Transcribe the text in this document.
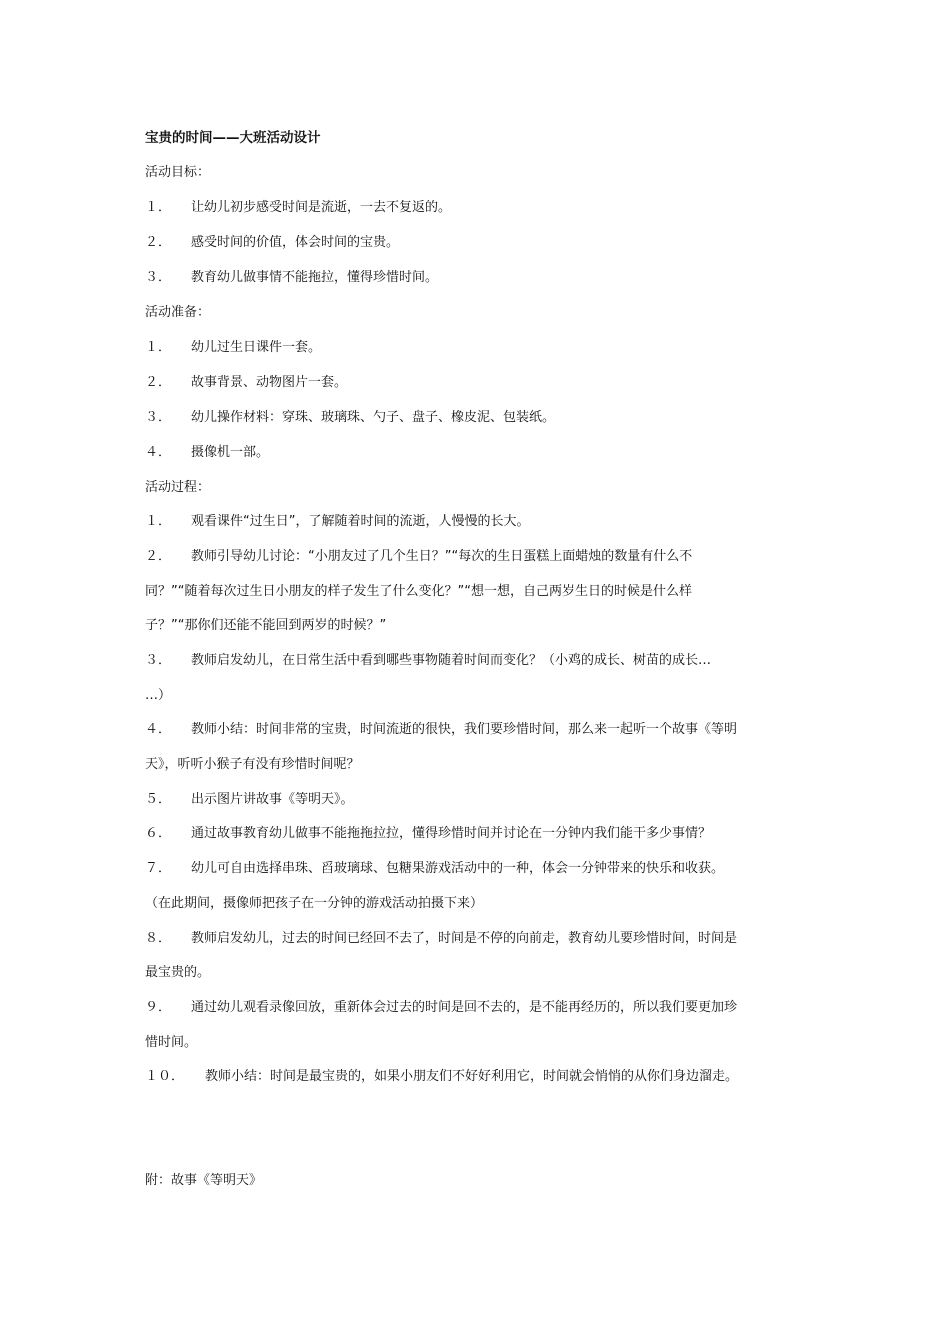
宝贵的时间——大班活动设计
活动目标：
１． 让幼儿初步感受时间是流逝，一去不复返的。
２． 感受时间的价值，体会时间的宝贵。
３． 教育幼儿做事情不能拖拉，懂得珍惜时间。
活动准备：
１． 幼儿过生日课件一套。
２． 故事背景、动物图片一套。
３． 幼儿操作材料：穿珠、玻璃珠、勺子、盘子、橡皮泥、包装纸。
４． 摄像机一部。
活动过程：
１． 观看课件“过生日”，了解随着时间的流逝，人慢慢的长大。
２． 教师引导幼儿讨论：“小朋友过了几个生日？”“每次的生日蛋糕上面蜡烛的数量有什么不
同？”“随着每次过生日小朋友的样子发生了什么变化？”“想一想，自己两岁生日的时候是什么样
子？”“那你们还能不能回到两岁的时候？”
３． 教师启发幼儿，在日常生活中看到哪些事物随着时间而变化？（小鸡的成长、树苗的成长…
…）
４． 教师小结：时间非常的宝贵，时间流逝的很快，我们要珍惜时间，那么来一起听一个故事《等明
天》，听听小猴子有没有珍惜时间呢？
５． 出示图片讲故事《等明天》。
６． 通过故事教育幼儿做事不能拖拖拉拉，懂得珍惜时间并讨论在一分钟内我们能干多少事情？
７． 幼儿可自由选择串珠、舀玻璃球、包糖果游戏活动中的一种，体会一分钟带来的快乐和收获。
（在此期间，摄像师把孩子在一分钟的游戏活动拍摄下来）
８． 教师启发幼儿，过去的时间已经回不去了，时间是不停的向前走，教育幼儿要珍惜时间，时间是
最宝贵的。
９． 通过幼儿观看录像回放，重新体会过去的时间是回不去的，是不能再经历的，所以我们要更加珍
惜时间。
１０． 教师小结：时间是最宝贵的，如果小朋友们不好好利用它，时间就会悄悄的从你们身边溜走。
附：故事《等明天》
